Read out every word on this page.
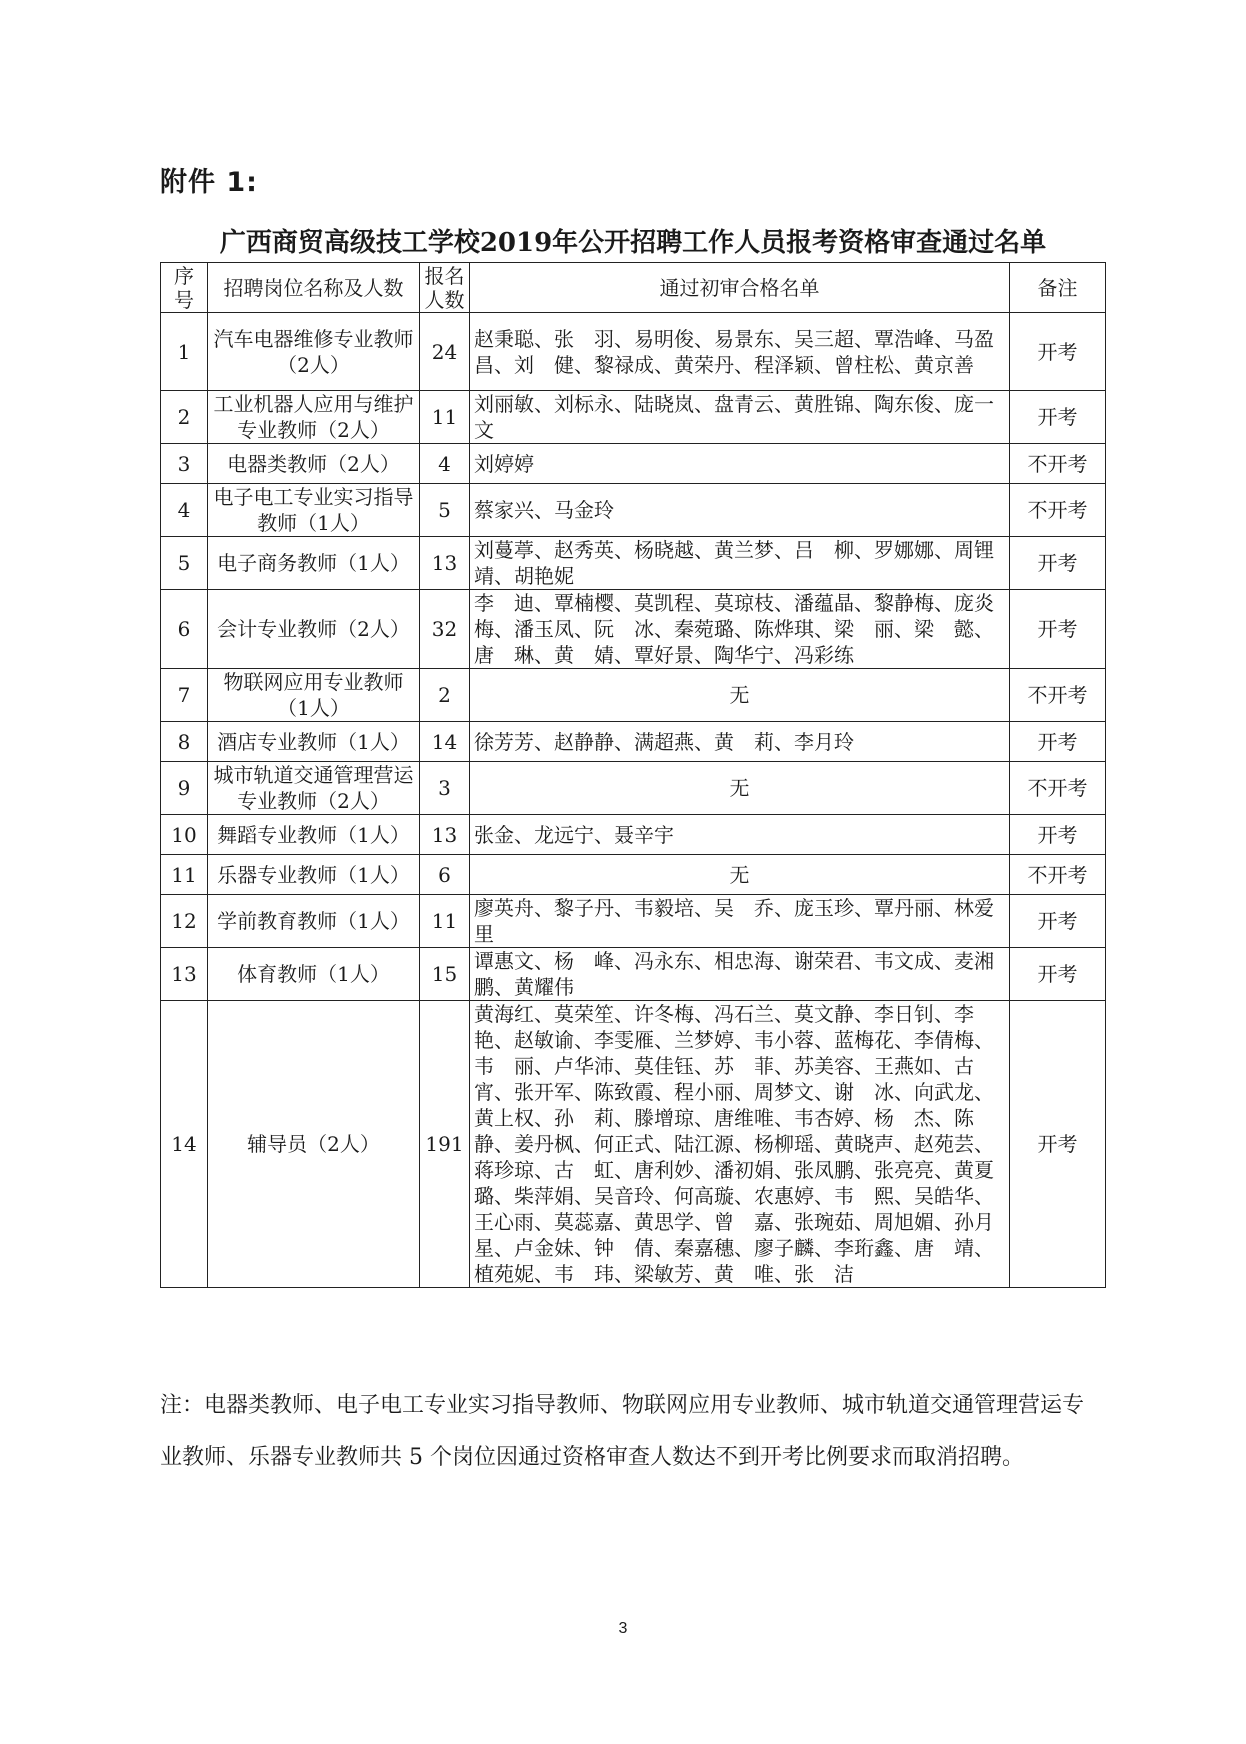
附件 1:
广西商贸高级技工学校2019年公开招聘工作人员报考资格审查通过名单
序号	招聘岗位名称及人数	报名人数	通过初审合格名单	备注
1	汽车电器维修专业教师（2人）	24	赵秉聪、张　羽、易明俊、易景东、吴三超、覃浩峰、马盈昌、刘　健、黎禄成、黄荣丹、程泽颖、曾柱松、黄京善	开考
2	工业机器人应用与维护专业教师（2人）	11	刘丽敏、刘标永、陆晓岚、盘青云、黄胜锦、陶东俊、庞一文	开考
3	电器类教师（2人）	4	刘婷婷	不开考
4	电子电工专业实习指导教师（1人）	5	蔡家兴、马金玲	不开考
5	电子商务教师（1人）	13	刘蔓葶、赵秀英、杨晓越、黄兰梦、吕　柳、罗娜娜、周锂靖、胡艳妮	开考
6	会计专业教师（2人）	32	李　迪、覃楠樱、莫凯程、莫琼枝、潘蕴晶、黎静梅、庞炎梅、潘玉凤、阮　冰、秦菀璐、陈烨琪、梁　丽、梁　懿、唐　琳、黄　婧、覃好景、陶华宁、冯彩练	开考
7	物联网应用专业教师（1人）	2	无	不开考
8	酒店专业教师（1人）	14	徐芳芳、赵静静、满超燕、黄　莉、李月玲	开考
9	城市轨道交通管理营运专业教师（2人）	3	无	不开考
10	舞蹈专业教师（1人）	13	张金、龙远宁、聂辛宇	开考
11	乐器专业教师（1人）	6	无	不开考
12	学前教育教师（1人）	11	廖英舟、黎子丹、韦毅培、吴　乔、庞玉珍、覃丹丽、林爱里	开考
13	体育教师（1人）	15	谭惠文、杨　峰、冯永东、相忠海、谢荣君、韦文成、麦湘鹏、黄耀伟	开考
14	辅导员（2人）	191	黄海红、莫荣笙、许冬梅、冯石兰、莫文静、李日钊、李　艳、赵敏谕、李雯雁、兰梦婷、韦小蓉、蓝梅花、李倩梅、韦　丽、卢华沛、莫佳钰、苏　菲、苏美容、王燕如、古　宵、张开军、陈致霞、程小丽、周梦文、谢　冰、向武龙、黄上权、孙　莉、滕增琼、唐维唯、韦杏婷、杨　杰、陈　静、姜丹枫、何正式、陆江源、杨柳瑶、黄晓声、赵苑芸、蒋珍琼、古　虹、唐利妙、潘初娟、张凤鹏、张亮亮、黄夏璐、柴萍娟、吴音玲、何高璇、农惠婷、韦　熙、吴皓华、王心雨、莫蕊嘉、黄思学、曾　嘉、张琬茹、周旭媚、孙月星、卢金妹、钟　倩、秦嘉穗、廖子麟、李珩鑫、唐　靖、植苑妮、韦　玮、梁敏芳、黄　唯、张　洁	开考
注：电器类教师、电子电工专业实习指导教师、物联网应用专业教师、城市轨道交通管理营运专业教师、乐器专业教师共 5 个岗位因通过资格审查人数达不到开考比例要求而取消招聘。
3
